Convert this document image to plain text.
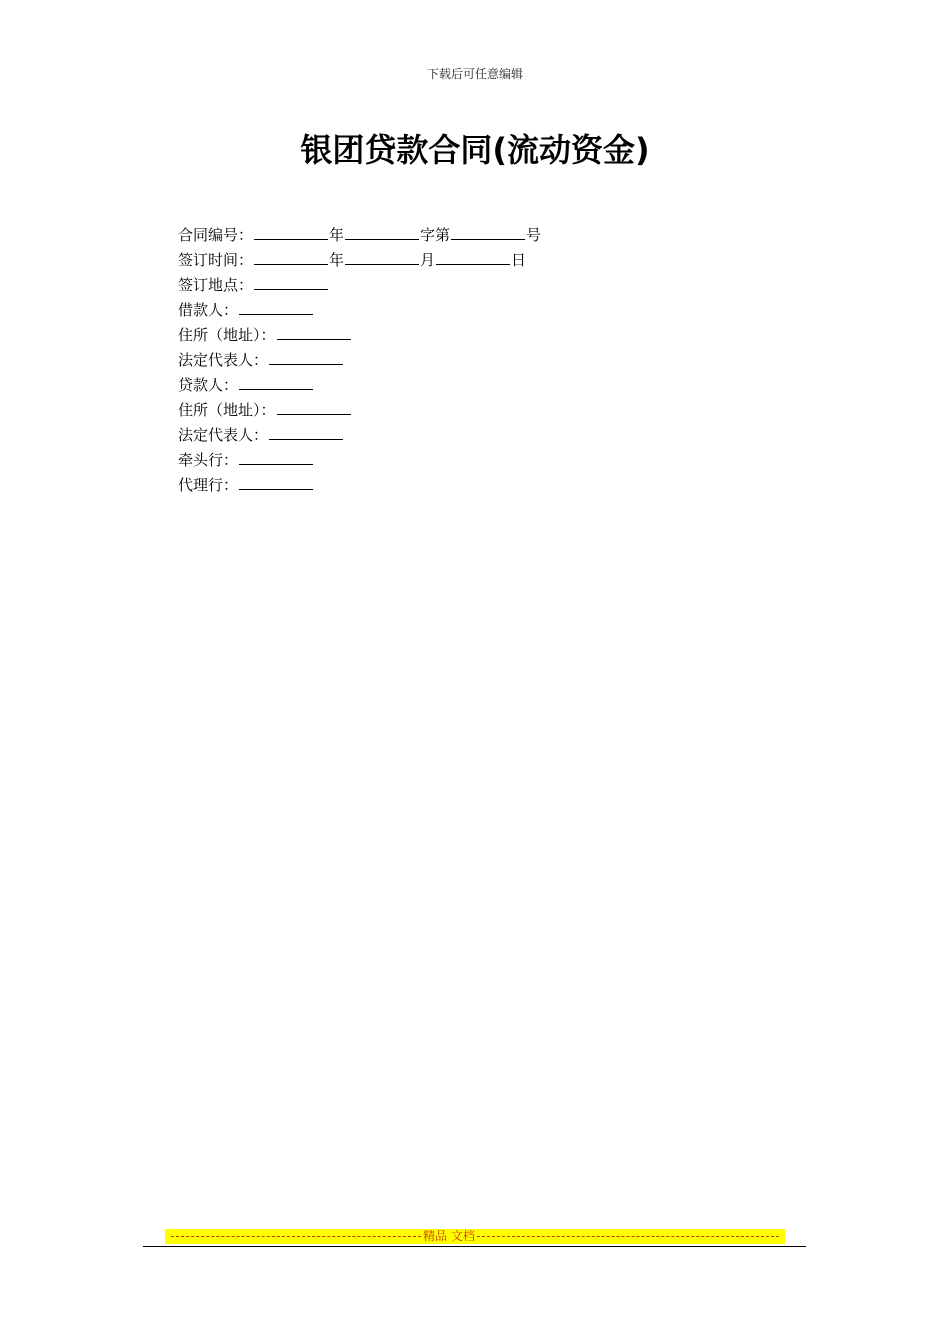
下载后可任意编辑
银团贷款合同(流动资金)
合同编号：	年	字第	号
签订时间：	年	月	日
签订地点：
借款人：
住所（地址）：
法定代表人：
贷款人：
住所（地址）：
法定代表人：
牵头行：
代理行：
精品 文档
